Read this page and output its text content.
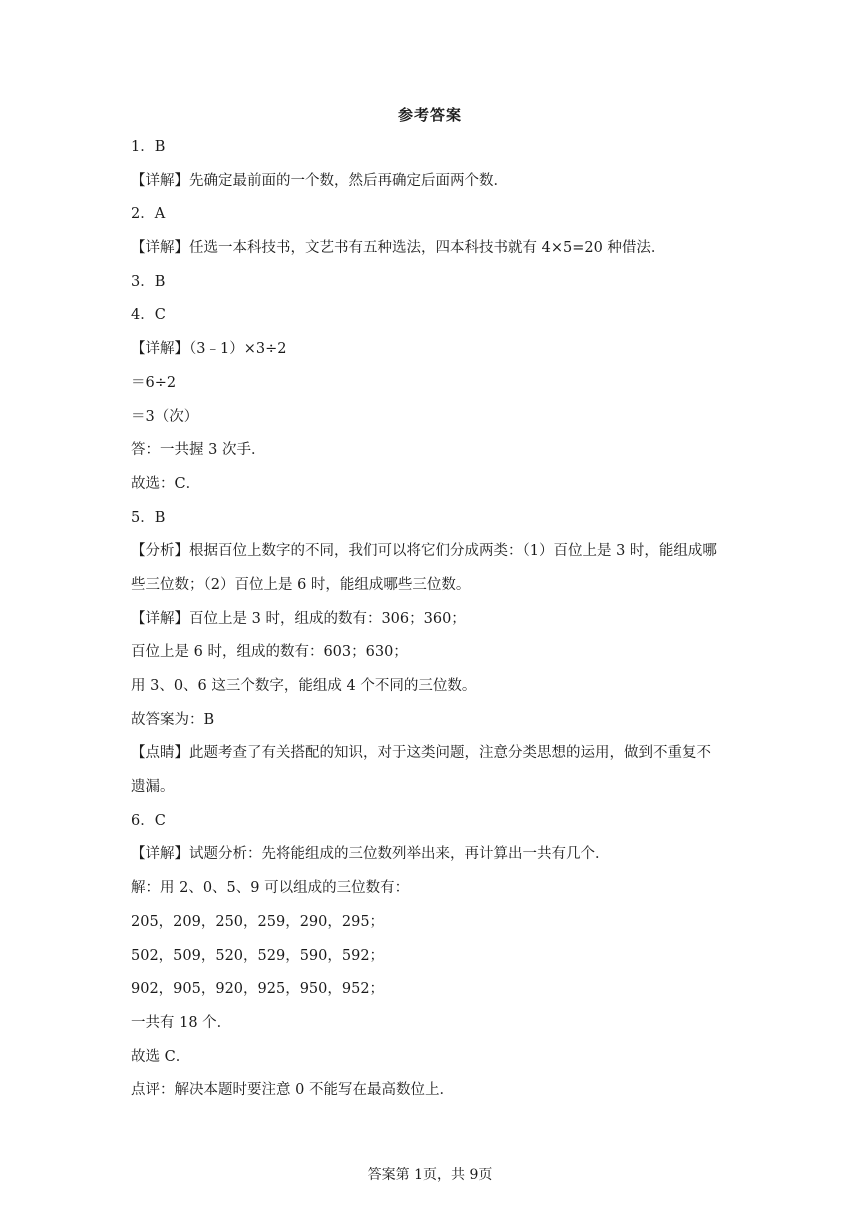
参考答案
1．B
【详解】先确定最前面的一个数，然后再确定后面两个数．
2．A
【详解】任选一本科技书，文艺书有五种选法，四本科技书就有 4×5=20 种借法．
3．B
4．C
【详解】（3﹣1）×3÷2
＝6÷2
＝3（次）
答：一共握 3 次手．
故选：C．
5．B
【分析】根据百位上数字的不同，我们可以将它们分成两类：（1）百位上是 3 时，能组成哪
些三位数；（2）百位上是 6 时，能组成哪些三位数。
【详解】百位上是 3 时，组成的数有：306；360；
百位上是 6 时，组成的数有：603；630；
用 3、0、6 这三个数字，能组成 4 个不同的三位数。
故答案为：B
【点睛】此题考查了有关搭配的知识，对于这类问题，注意分类思想的运用，做到不重复不
遗漏。
6．C
【详解】试题分析：先将能组成的三位数列举出来，再计算出一共有几个．
解：用 2、0、5、9 可以组成的三位数有：
205，209，250，259，290，295；
502，509，520，529，590，592；
902，905，920，925，950，952；
一共有 18 个．
故选 C．
点评：解决本题时要注意 0 不能写在最高数位上．
答案第 1页，共 9页
